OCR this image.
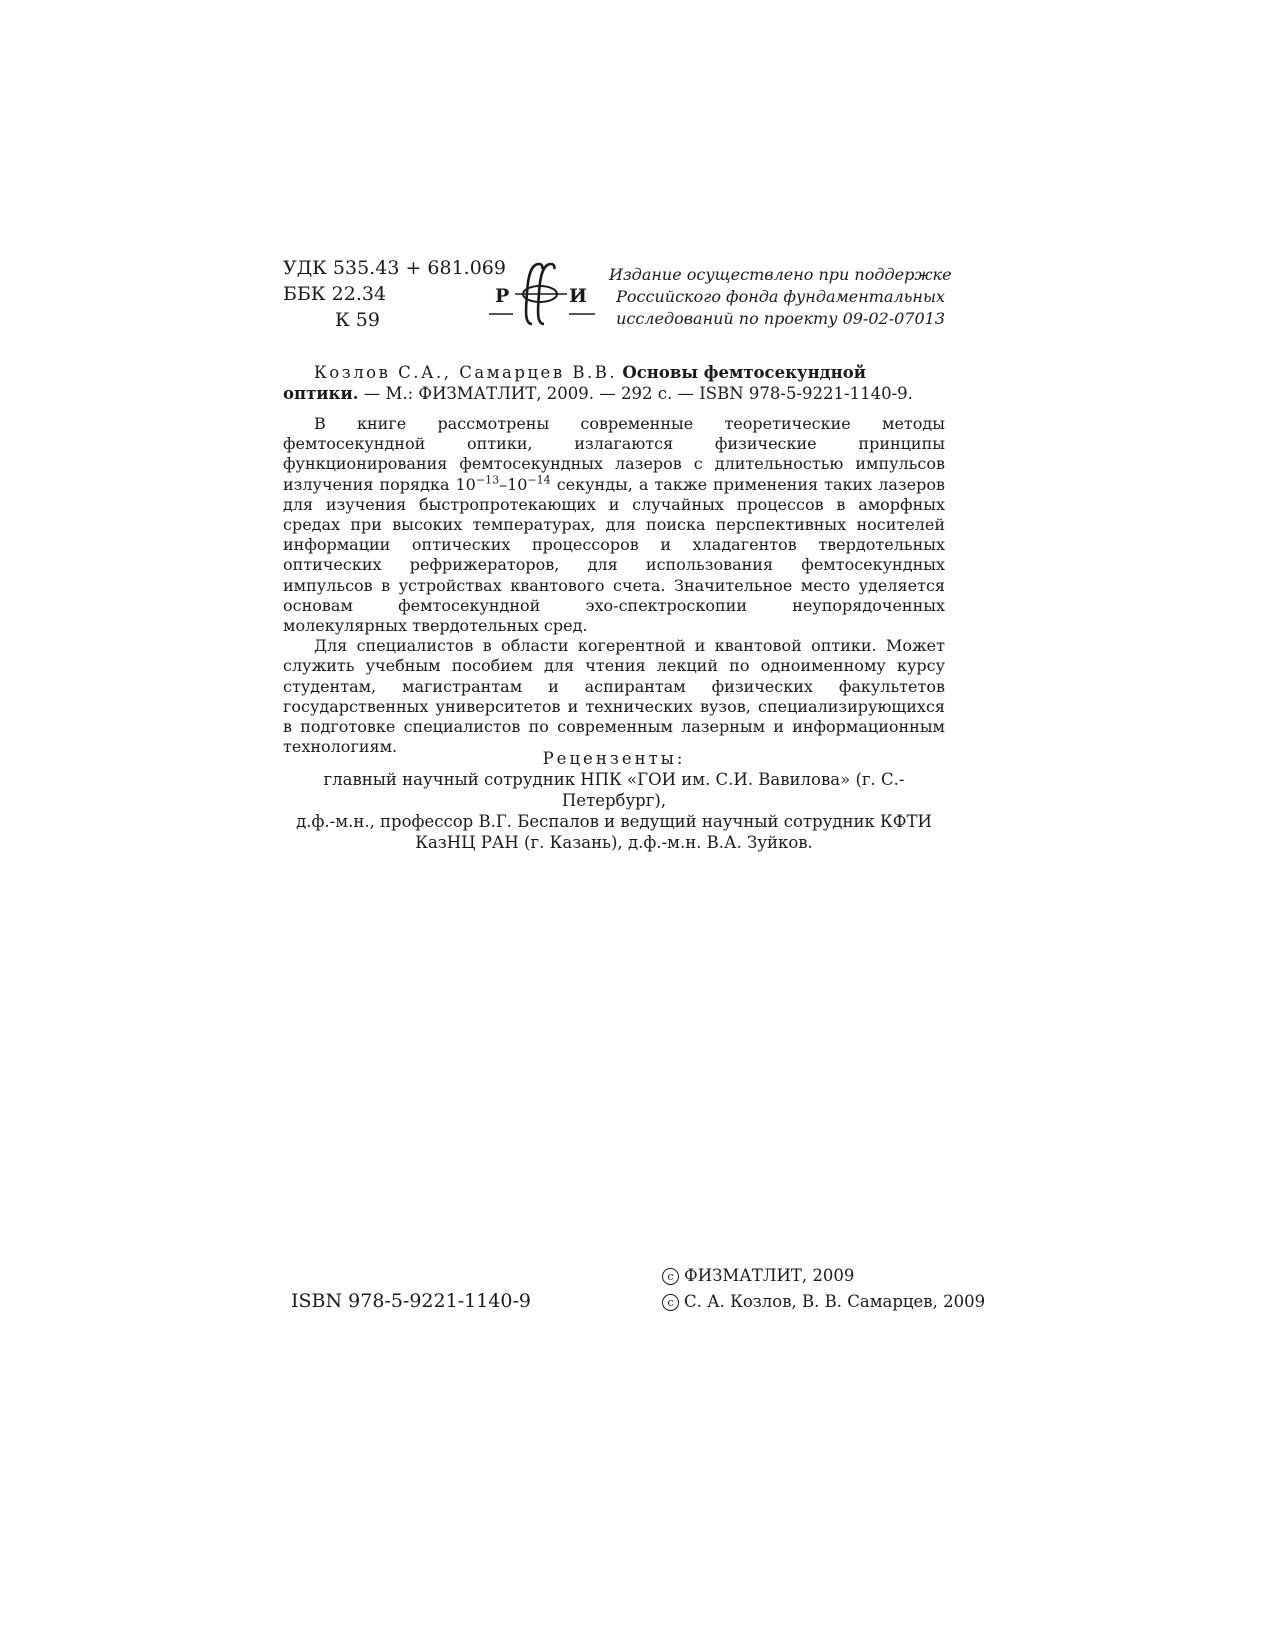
УДК 535.43 + 681.069
ББК 22.34
К 59
Р	И
Издание осуществлено при поддержке
Российского фонда фундаментальных
исследований по проекту 09-02-07013
Козлов С.А., Самарцев В.В. Основы фемтосекундной оптики. — М.: ФИЗМАТЛИТ, 2009. — 292 с. — ISBN 978-5-9221-1140-9.

В книге рассмотрены современные теоретические методы фемтосекундной оптики, излагаются физические принципы функционирования фемтосекундных лазеров с длительностью импульсов излучения порядка $10^{-13}-10^{-14}$ секунды, а также применения таких лазеров для изучения быстропротекающих и случайных процессов в аморфных средах при высоких температурах, для поиска перспективных носителей информации оптических процессоров и хладагентов твердотельных оптических рефрижераторов, для использования фемтосекундных импульсов в устройствах квантового счета. Значительное место уделяется основам фемтосекундной эхо-спектроскопии неупорядоченных молекулярных твердотельных сред.

Для специалистов в области когерентной и квантовой оптики. Может служить учебным пособием для чтения лекций по одноименному курсу студентам, магистрантам и аспирантам физических факультетов государственных университетов и технических вузов, специализирующихся в подготовке специалистов по современным лазерным и информационным технологиям.

Рецензенты:
главный научный сотрудник НПК «ГОИ им. С.И. Вавилова» (г. С.-Петербург),
д.ф.-м.н., профессор В.Г. Беспалов и ведущий научный сотрудник КФТИ
КазНЦ РАН (г. Казань), д.ф.-м.н. В.А. Зуйков.
ISBN 978-5-9221-1140-9
c ФИЗМАТЛИТ, 2009
c С. А. Козлов, В. В. Самарцев, 2009
